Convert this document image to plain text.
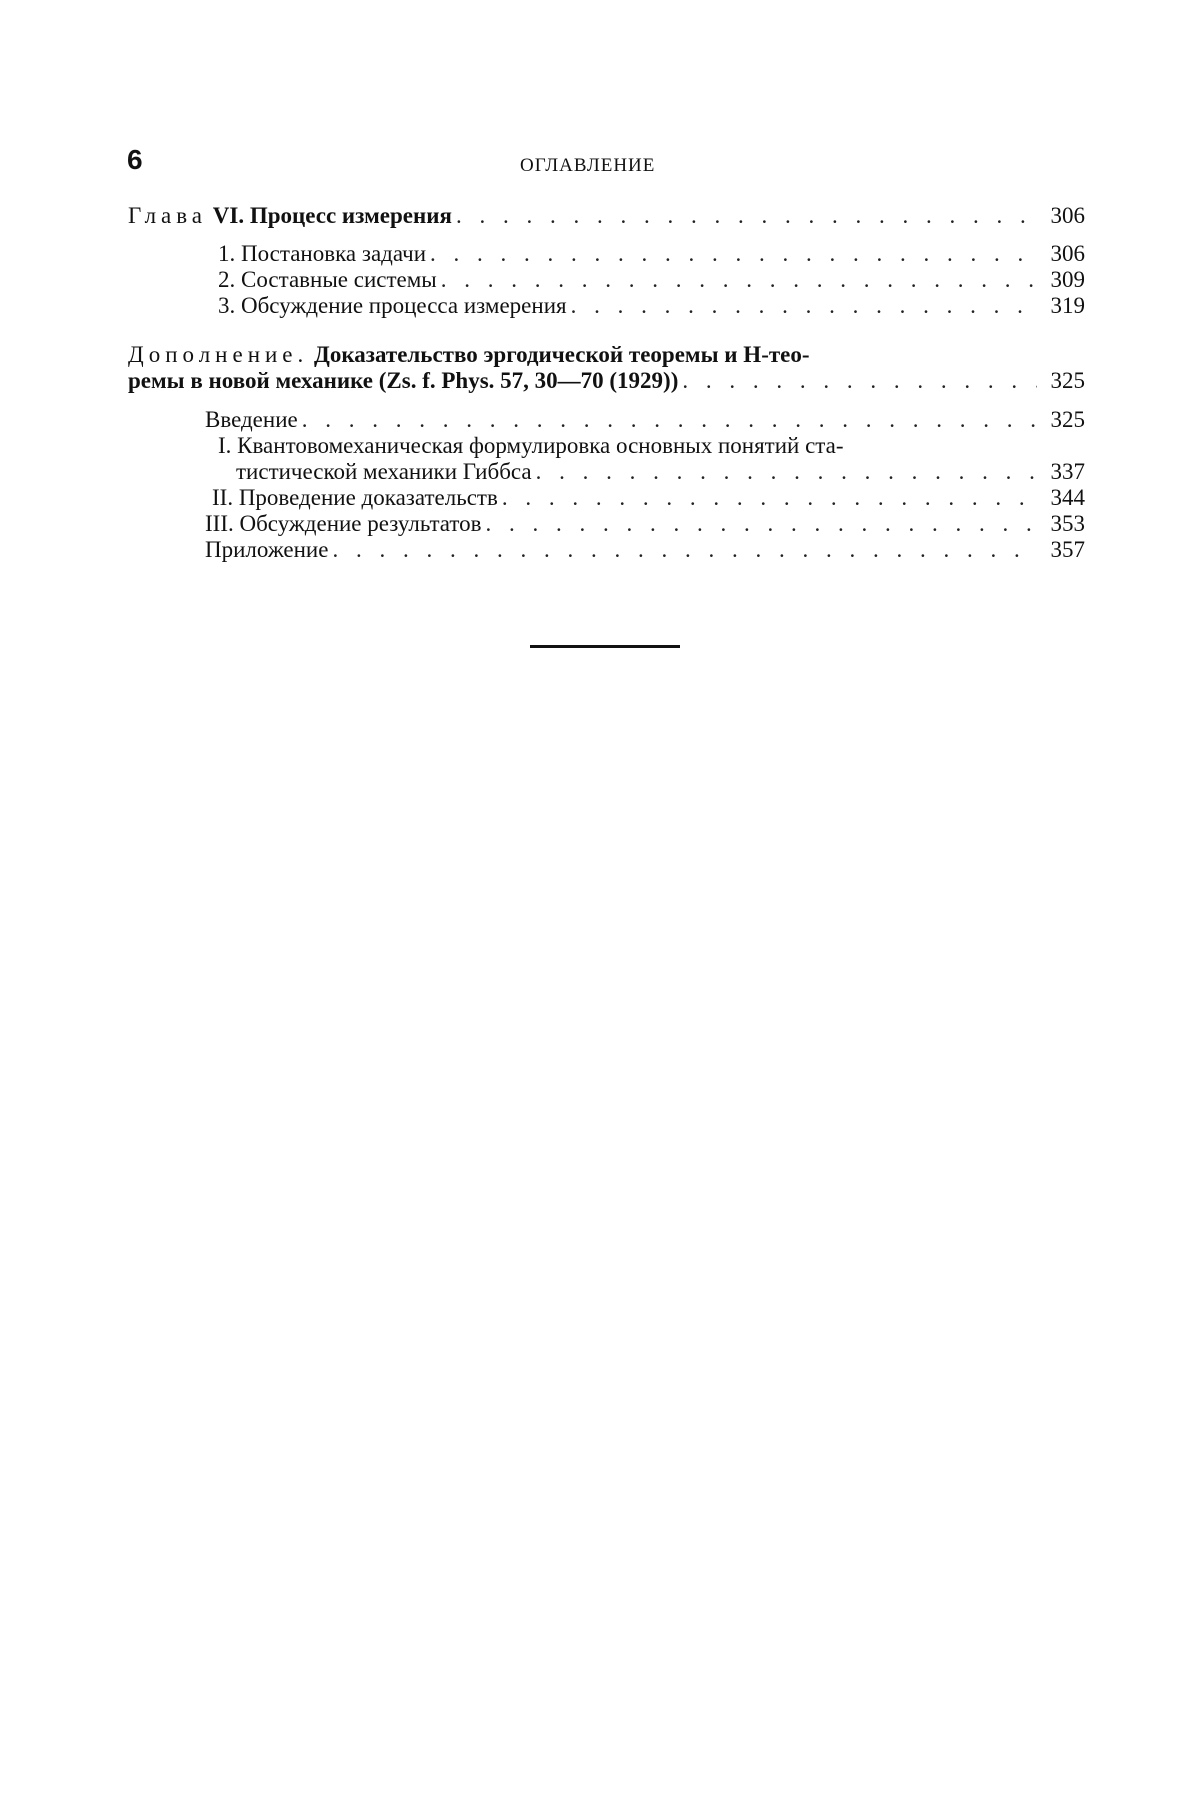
6	ОГЛАВЛЕНИЕ
Глава VI. Процесс измерения . . .	306
1. Постановка задачи . . .	306
2. Составные системы . . .	309
3. Обсуждение процесса измерения . . .	319
Дополнение. Доказательство эргодической теоремы и H-тео-
ремы в новой механике (Zs. f. Phys. 57, 30—70 (1929)) . . .	325
Введение . . .	325
I. Квантовомеханическая формулировка основных понятий ста-
тистической механики Гиббса . . .	337
II. Проведение доказательств . . .	344
III. Обсуждение результатов . . .	353
Приложение . . .	357
